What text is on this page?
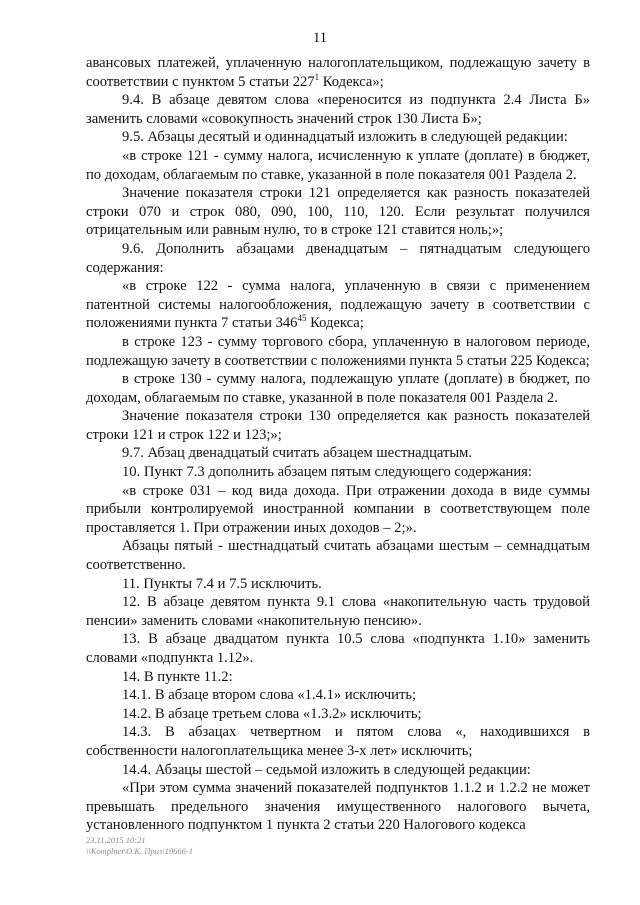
11

авансовых платежей, уплаченную налогоплательщиком, подлежащую зачету в соответствии с пунктом 5 статьи $227^1$ Кодекса»;

9.4. В абзаце девятом слова «переносится из подпункта 2.4 Листа Б» заменить словами «совокупность значений строк 130 Листа Б»;

9.5. Абзацы десятый и одиннадцатый изложить в следующей редакции:

«в строке 121 - сумму налога, исчисленную к уплате (доплате) в бюджет, по доходам, облагаемым по ставке, указанной в поле показателя 001 Раздела 2.

Значение показателя строки 121 определяется как разность показателей строки 070 и строк 080, 090, 100, 110, 120. Если результат получился отрицательным или равным нулю, то в строке 121 ставится ноль;»;

9.6. Дополнить абзацами двенадцатым – пятнадцатым следующего содержания:

«в строке 122 - сумма налога, уплаченную в связи с применением патентной системы налогообложения, подлежащую зачету в соответствии с положениями пункта 7 статьи $346^{45}$ Кодекса;

в строке 123 - сумму торгового сбора, уплаченную в налоговом периоде, подлежащую зачету в соответствии с положениями пункта 5 статьи 225 Кодекса;

в строке 130 - сумму налога, подлежащую уплате (доплате) в бюджет, по доходам, облагаемым по ставке, указанной в поле показателя 001 Раздела 2.

Значение показателя строки 130 определяется как разность показателей строки 121 и строк 122 и 123;»;

9.7. Абзац двенадцатый считать абзацем шестнадцатым.

10. Пункт 7.3 дополнить абзацем пятым следующего содержания:

«в строке 031 – код вида дохода. При отражении дохода в виде суммы прибыли контролируемой иностранной компании в соответствующем поле проставляется 1. При отражении иных доходов – 2;».

Абзацы пятый - шестнадцатый считать абзацами шестым – семнадцатым соответственно.

11. Пункты 7.4 и 7.5 исключить.

12. В абзаце девятом пункта 9.1 слова «накопительную часть трудовой пенсии» заменить словами «накопительную пенсию».

13. В абзаце двадцатом пункта 10.5 слова «подпункта 1.10» заменить словами «подпункта 1.12».

14. В пункте 11.2:

14.1. В абзаце втором слова «1.4.1» исключить;

14.2. В абзаце третьем слова «1.3.2» исключить;

14.3. В абзацах четвертном и пятом слова «, находившихся в собственности налогоплательщика менее 3-х лет» исключить;

14.4. Абзацы шестой – седьмой изложить в следующей редакции:

«При этом сумма значений показателей подпунктов 1.1.2 и 1.2.2 не может превышать предельного значения имущественного налогового вычета, установленного подпунктом 1 пункта 2 статьи 220 Налогового кодекса

23.11.2015 10:21
\\Komplnet\О.К. Приз\19666-1
